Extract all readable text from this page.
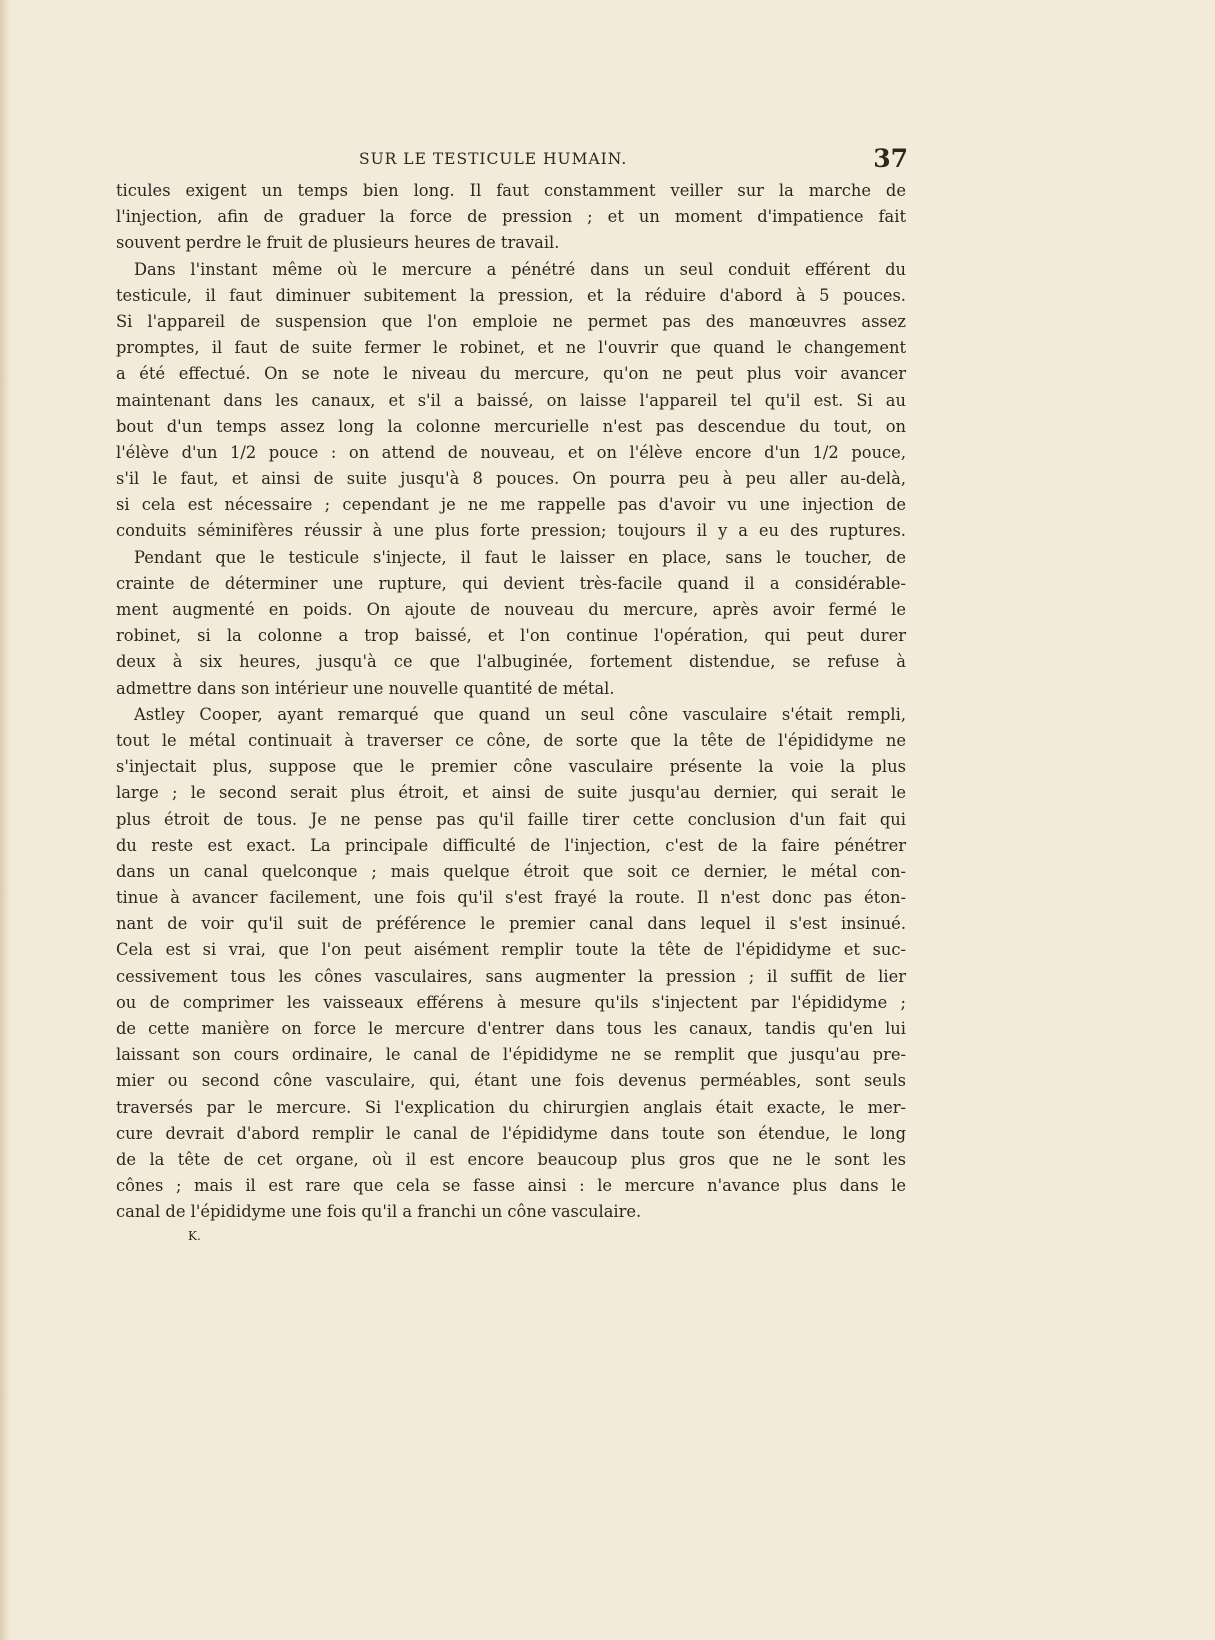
SUR LE TESTICULE HUMAIN.	37
ticules exigent un temps bien long. Il faut constamment veiller sur la marche de
l'injection, afin de graduer la force de pression ; et un moment d'impatience fait
souvent perdre le fruit de plusieurs heures de travail.
Dans l'instant même où le mercure a pénétré dans un seul conduit efférent du
testicule, il faut diminuer subitement la pression, et la réduire d'abord à 5 pouces.
Si l'appareil de suspension que l'on emploie ne permet pas des manœuvres assez
promptes, il faut de suite fermer le robinet, et ne l'ouvrir que quand le changement
a été effectué. On se note le niveau du mercure, qu'on ne peut plus voir avancer
maintenant dans les canaux, et s'il a baissé, on laisse l'appareil tel qu'il est. Si au
bout d'un temps assez long la colonne mercurielle n'est pas descendue du tout, on
l'élève d'un 1/2 pouce : on attend de nouveau, et on l'élève encore d'un 1/2 pouce,
s'il le faut, et ainsi de suite jusqu'à 8 pouces. On pourra peu à peu aller au-delà,
si cela est nécessaire ; cependant je ne me rappelle pas d'avoir vu une injection de
conduits séminifères réussir à une plus forte pression; toujours il y a eu des ruptures.
Pendant que le testicule s'injecte, il faut le laisser en place, sans le toucher, de
crainte de déterminer une rupture, qui devient très-facile quand il a considérable-
ment augmenté en poids. On ajoute de nouveau du mercure, après avoir fermé le
robinet, si la colonne a trop baissé, et l'on continue l'opération, qui peut durer
deux à six heures, jusqu'à ce que l'albuginée, fortement distendue, se refuse à
admettre dans son intérieur une nouvelle quantité de métal.
Astley Cooper, ayant remarqué que quand un seul cône vasculaire s'était rempli,
tout le métal continuait à traverser ce cône, de sorte que la tête de l'épididyme ne
s'injectait plus, suppose que le premier cône vasculaire présente la voie la plus
large ; le second serait plus étroit, et ainsi de suite jusqu'au dernier, qui serait le
plus étroit de tous. Je ne pense pas qu'il faille tirer cette conclusion d'un fait qui
du reste est exact. La principale difficulté de l'injection, c'est de la faire pénétrer
dans un canal quelconque ; mais quelque étroit que soit ce dernier, le métal con-
tinue à avancer facilement, une fois qu'il s'est frayé la route. Il n'est donc pas éton-
nant de voir qu'il suit de préférence le premier canal dans lequel il s'est insinué.
Cela est si vrai, que l'on peut aisément remplir toute la tête de l'épididyme et suc-
cessivement tous les cônes vasculaires, sans augmenter la pression ; il suffit de lier
ou de comprimer les vaisseaux efférens à mesure qu'ils s'injectent par l'épididyme ;
de cette manière on force le mercure d'entrer dans tous les canaux, tandis qu'en lui
laissant son cours ordinaire, le canal de l'épididyme ne se remplit que jusqu'au pre-
mier ou second cône vasculaire, qui, étant une fois devenus perméables, sont seuls
traversés par le mercure. Si l'explication du chirurgien anglais était exacte, le mer-
cure devrait d'abord remplir le canal de l'épididyme dans toute son étendue, le long
de la tête de cet organe, où il est encore beaucoup plus gros que ne le sont les
cônes ; mais il est rare que cela se fasse ainsi : le mercure n'avance plus dans le
canal de l'épididyme une fois qu'il a franchi un cône vasculaire.
K.
